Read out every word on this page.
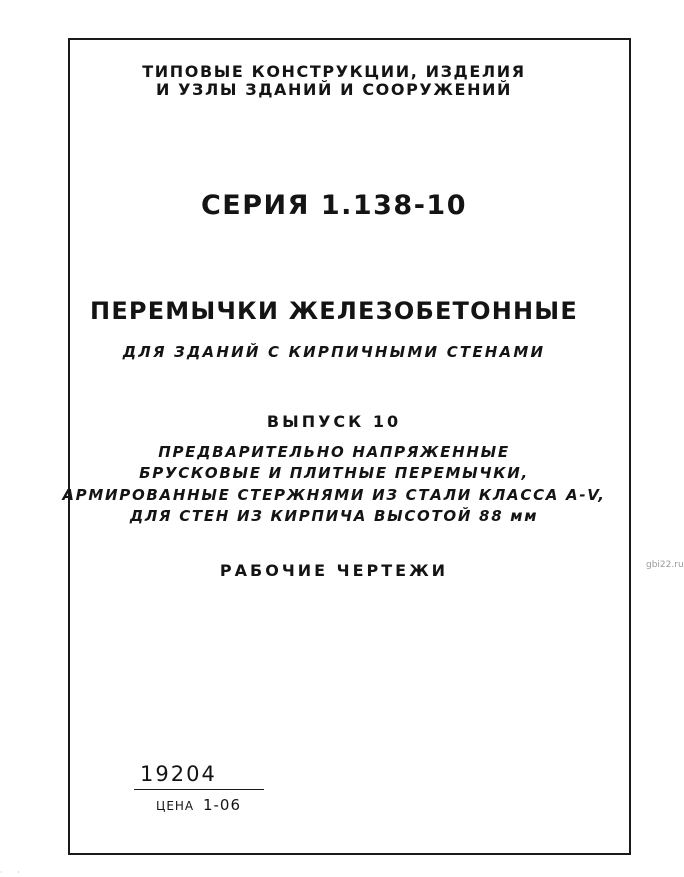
ТИПОВЫЕ КОНСТРУКЦИИ, ИЗДЕЛИЯ
И УЗЛЫ ЗДАНИЙ И СООРУЖЕНИЙ
СЕРИЯ 1.138-10
ПЕРЕМЫЧКИ ЖЕЛЕЗОБЕТОННЫЕ
ДЛЯ ЗДАНИЙ С КИРПИЧНЫМИ СТЕНАМИ
ВЫПУСК 10
ПРЕДВАРИТЕЛЬНО НАПРЯЖЕННЫЕ
БРУСКОВЫЕ И ПЛИТНЫЕ ПЕРЕМЫЧКИ,
АРМИРОВАННЫЕ СТЕРЖНЯМИ ИЗ СТАЛИ КЛАССА А-V,
ДЛЯ СТЕН ИЗ КИРПИЧА ВЫСОТОЙ 88 мм
РАБОЧИЕ ЧЕРТЕЖИ
19204
ЦЕНА 1-06
gbi22.ru
· ·
